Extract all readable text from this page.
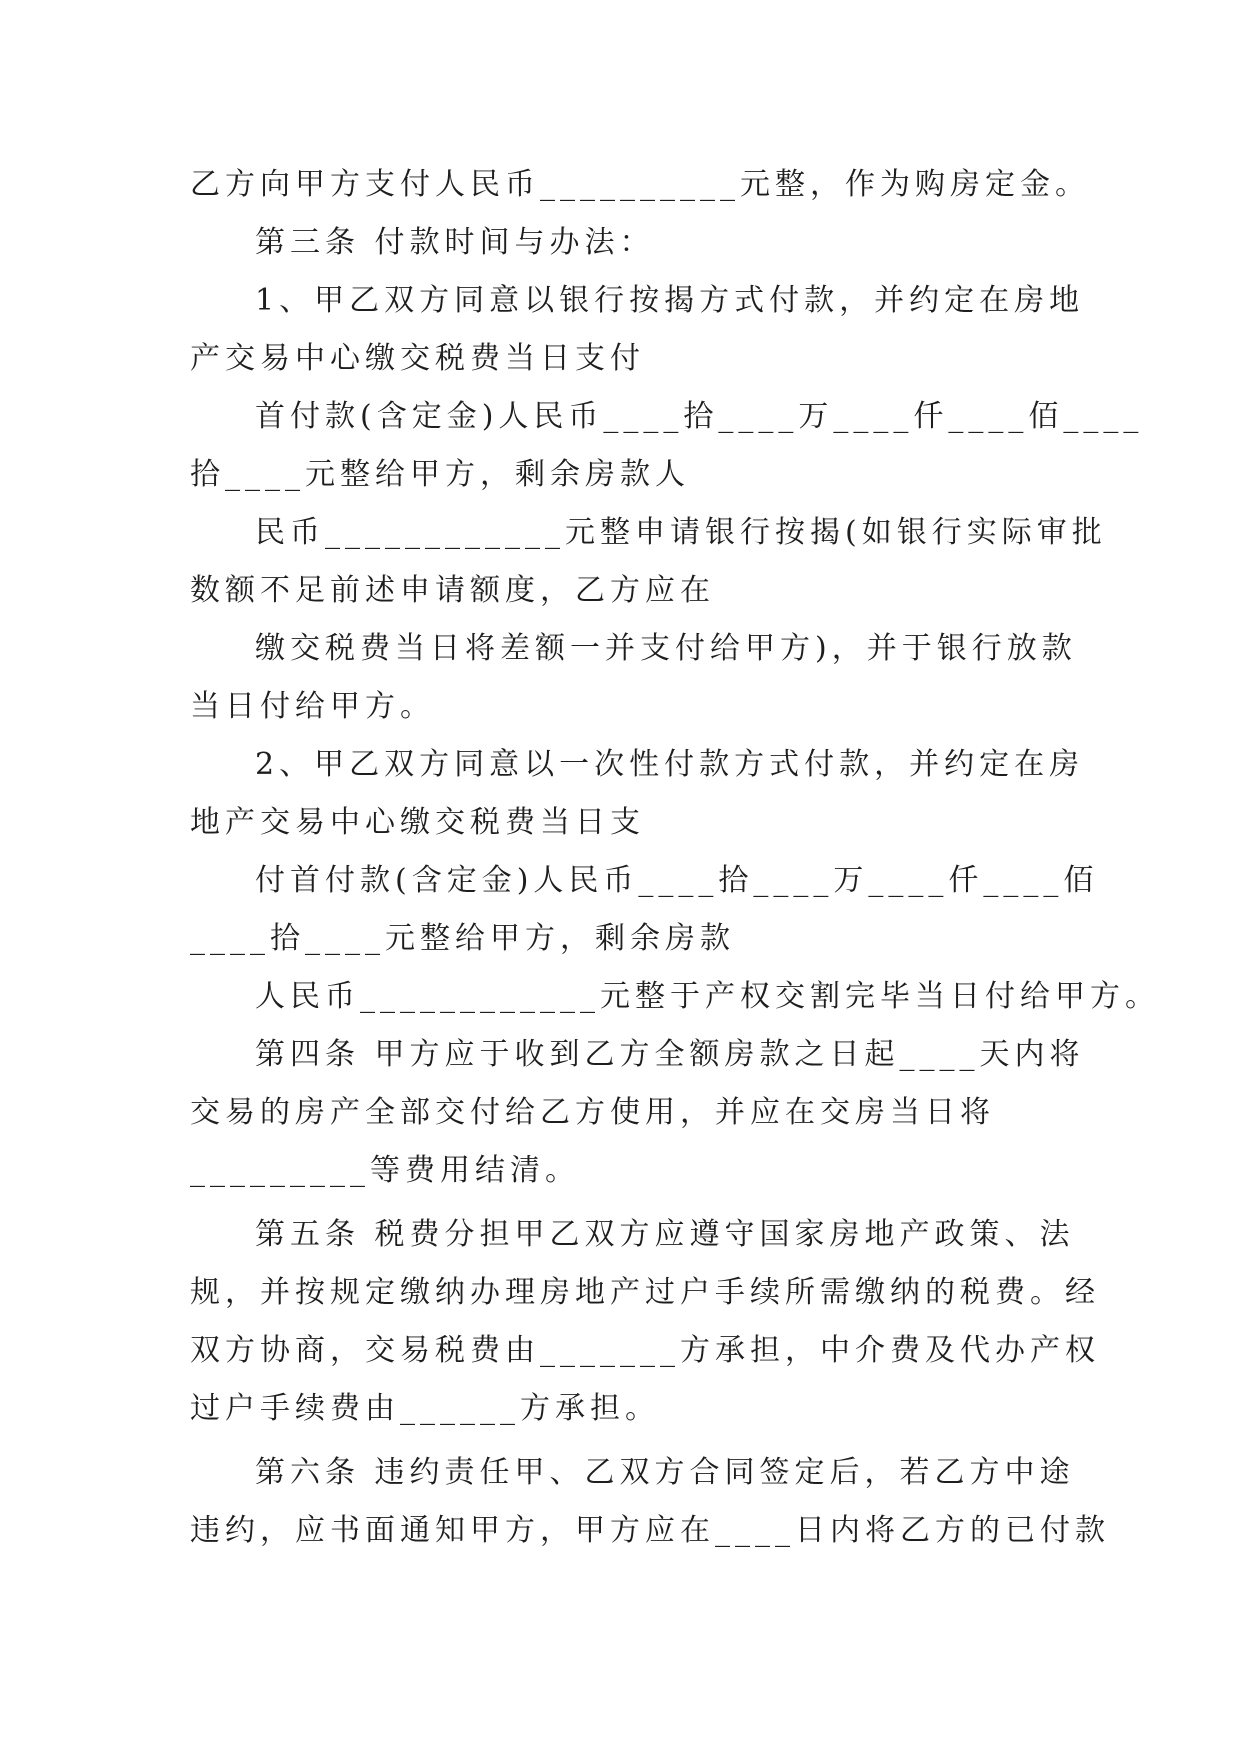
乙方向甲方支付人民币__________元整，作为购房定金。
第三条 付款时间与办法：
1、甲乙双方同意以银行按揭方式付款，并约定在房地
产交易中心缴交税费当日支付
首付款(含定金)人民币____拾____万____仟____佰____
拾____元整给甲方，剩余房款人
民币____________元整申请银行按揭(如银行实际审批
数额不足前述申请额度，乙方应在
缴交税费当日将差额一并支付给甲方)，并于银行放款
当日付给甲方。
2、甲乙双方同意以一次性付款方式付款，并约定在房
地产交易中心缴交税费当日支
付首付款(含定金)人民币____拾____万____仟____佰
____拾____元整给甲方，剩余房款
人民币____________元整于产权交割完毕当日付给甲方。
第四条 甲方应于收到乙方全额房款之日起____天内将
交易的房产全部交付给乙方使用，并应在交房当日将
_________等费用结清。
第五条 税费分担甲乙双方应遵守国家房地产政策、法
规，并按规定缴纳办理房地产过户手续所需缴纳的税费。经
双方协商，交易税费由_______方承担，中介费及代办产权
过户手续费由______方承担。
第六条 违约责任甲、乙双方合同签定后，若乙方中途
违约，应书面通知甲方，甲方应在____日内将乙方的已付款
